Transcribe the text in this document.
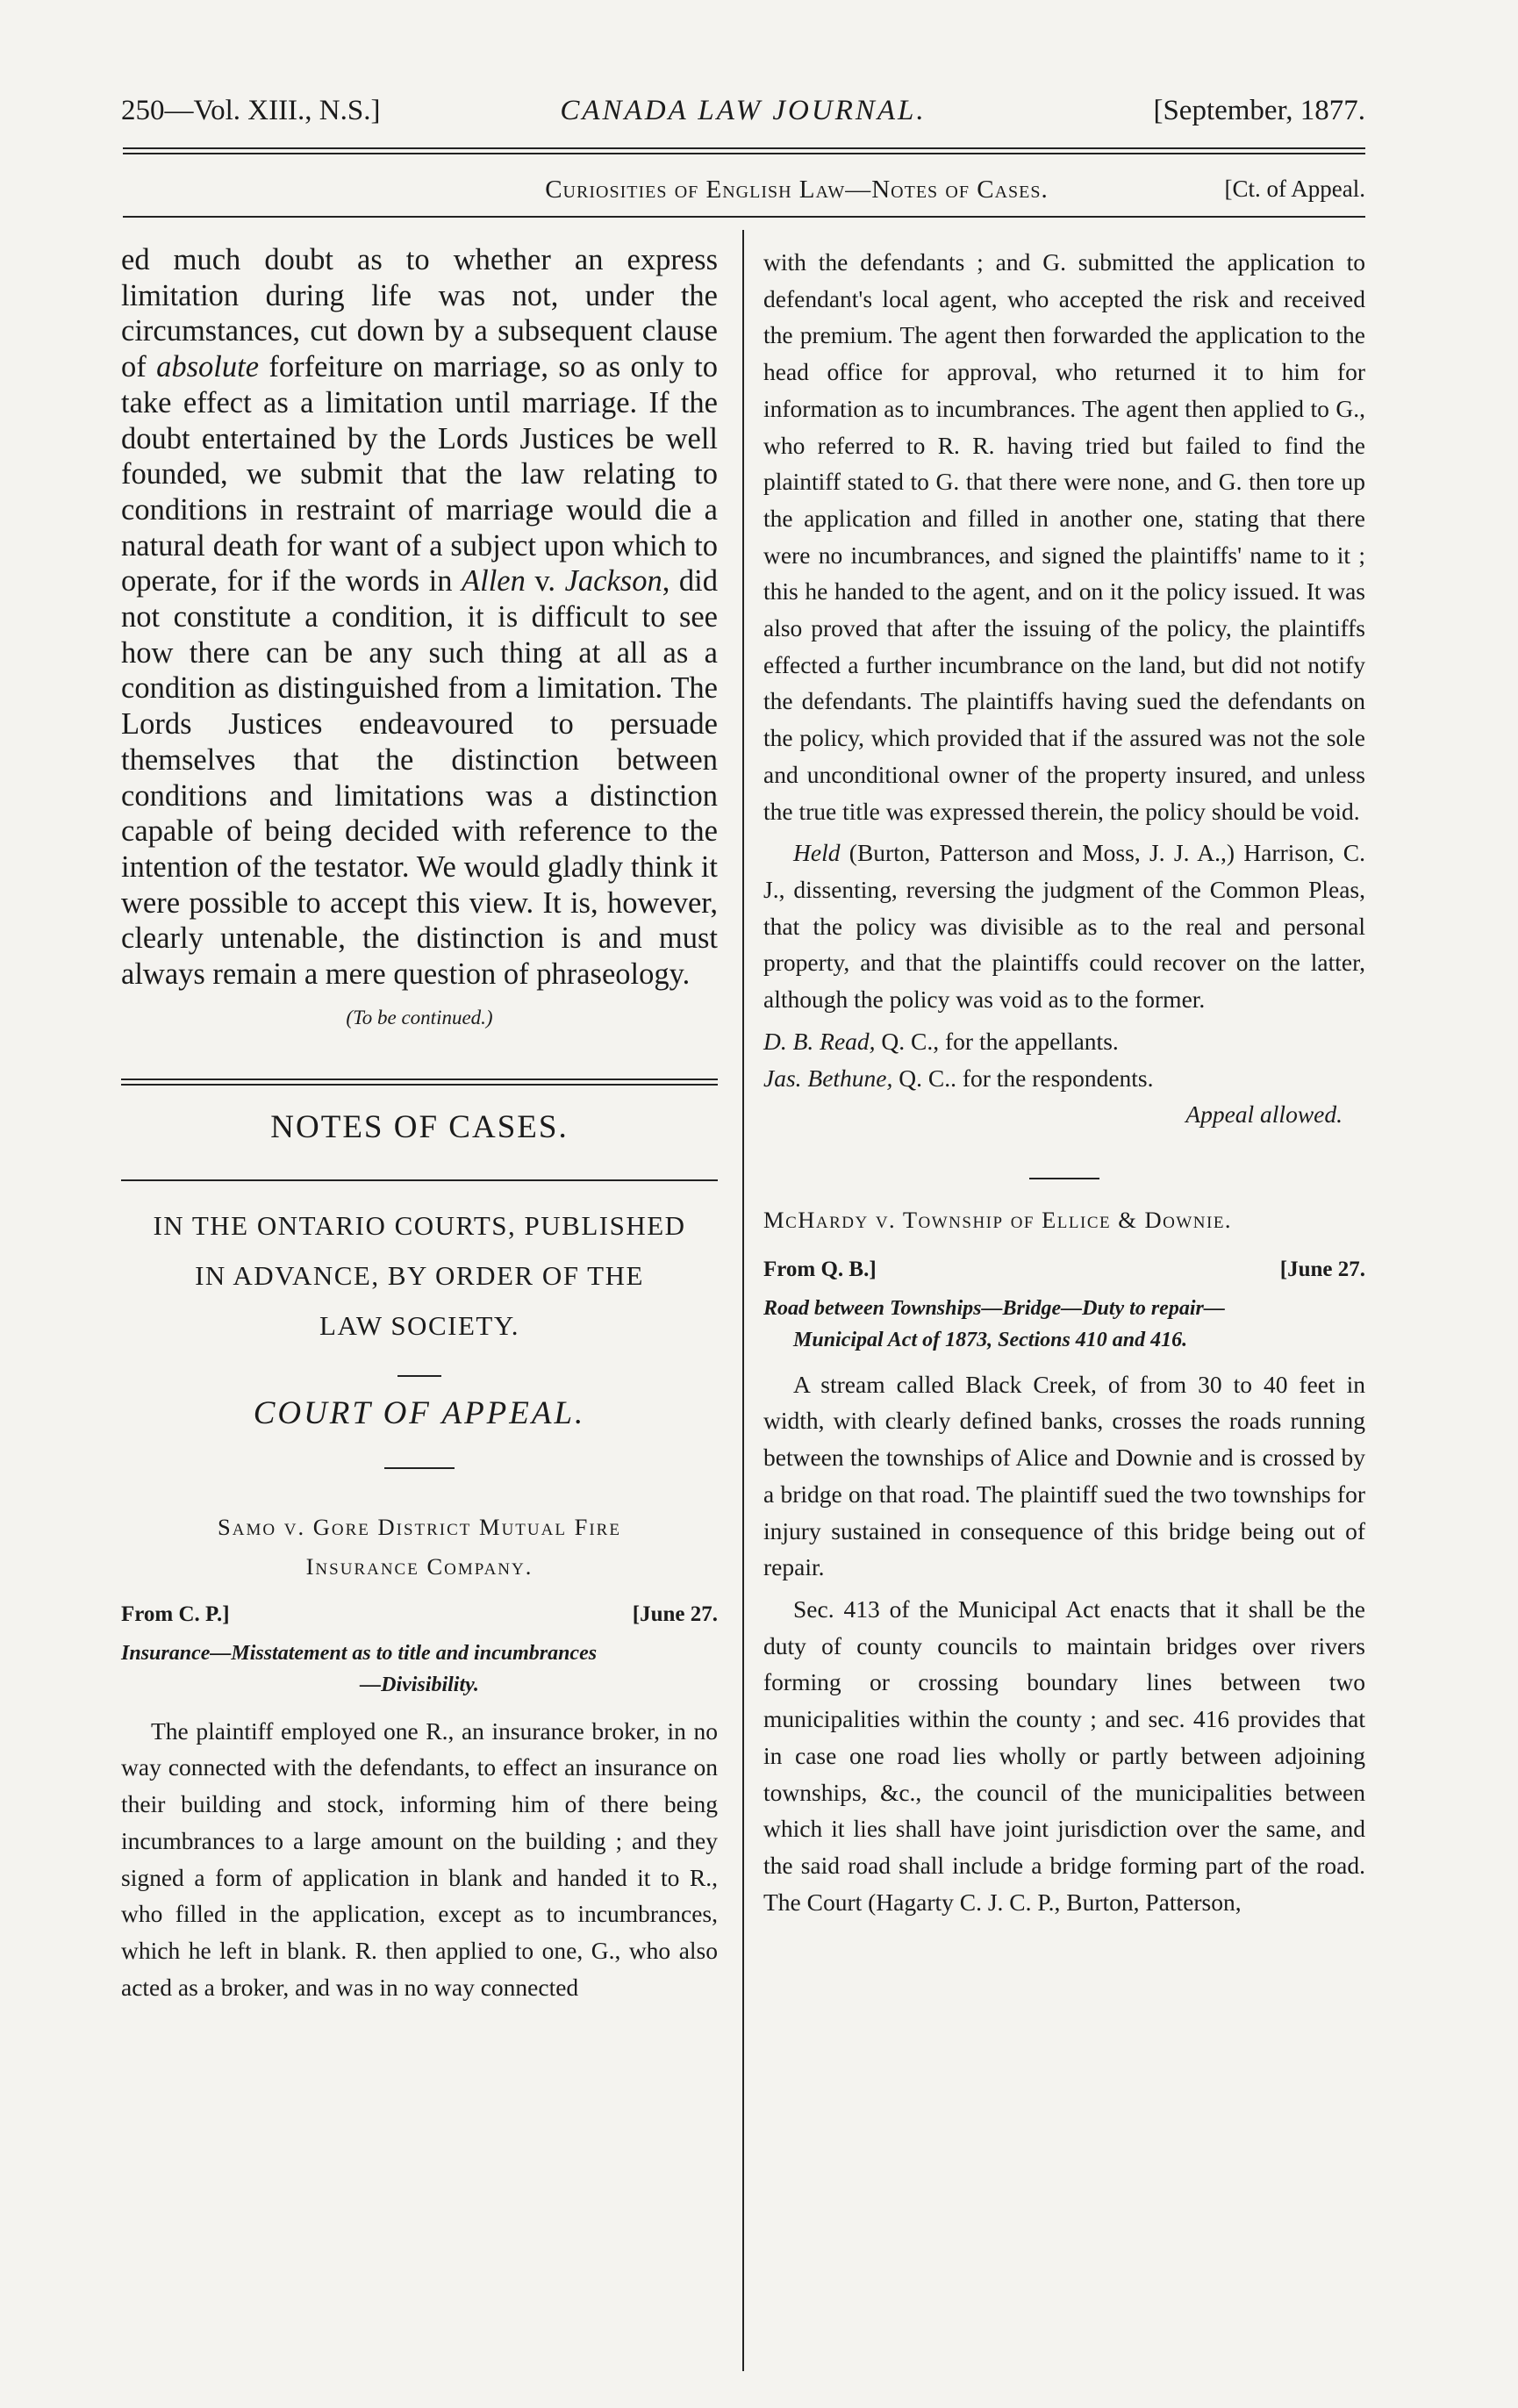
250—Vol. XIII., N.S.]	CANADA LAW JOURNAL.	[September, 1877.
Curiosities of English Law—Notes of Cases.	[Ct. of Appeal.

ed much doubt as to whether an express limitation during life was not, under the circumstances, cut down by a subsequent clause of absolute forfeiture on marriage, so as only to take effect as a limitation until marriage. If the doubt entertained by the Lords Justices be well founded, we submit that the law relating to conditions in restraint of marriage would die a natural death for want of a subject upon which to operate, for if the words in Allen v. Jackson, did not constitute a condition, it is difficult to see how there can be any such thing at all as a condition as distinguished from a limitation. The Lords Justices endeavoured to persuade themselves that the distinction between conditions and limitations was a distinction capable of being decided with reference to the intention of the testator. We would gladly think it were possible to accept this view. It is, however, clearly untenable, the distinction is and must always remain a mere question of phraseology.

(To be continued.)
NOTES OF CASES.
IN THE ONTARIO COURTS, PUBLISHED
IN ADVANCE, BY ORDER OF THE
LAW SOCIETY.
COURT OF APPEAL.
Samo v. Gore District Mutual Fire
Insurance Company.
From C. P.]	[June 27.
Insurance—Misstatement as to title and incumbrances
—Divisibility.

The plaintiff employed one R., an insurance broker, in no way connected with the defendants, to effect an insurance on their building and stock, informing him of there being incumbrances to a large amount on the building ; and they signed a form of application in blank and handed it to R., who filled in the application, except as to incumbrances, which he left in blank. R. then applied to one, G., who also acted as a broker, and was in no way connected

with the defendants ; and G. submitted the application to defendant's local agent, who accepted the risk and received the premium. The agent then forwarded the application to the head office for approval, who returned it to him for information as to incumbrances. The agent then applied to G., who referred to R. R. having tried but failed to find the plaintiff stated to G. that there were none, and G. then tore up the application and filled in another one, stating that there were no incumbrances, and signed the plaintiffs' name to it ; this he handed to the agent, and on it the policy issued. It was also proved that after the issuing of the policy, the plaintiffs effected a further incumbrance on the land, but did not notify the defendants. The plaintiffs having sued the defendants on the policy, which provided that if the assured was not the sole and unconditional owner of the property insured, and unless the true title was expressed therein, the policy should be void.

Held (Burton, Patterson and Moss, J. J. A.,) Harrison, C. J., dissenting, reversing the judgment of the Common Pleas, that the policy was divisible as to the real and personal property, and that the plaintiffs could recover on the latter, although the policy was void as to the former.

D. B. Read, Q. C., for the appellants.
Jas. Bethune, Q. C.. for the respondents.
Appeal allowed.
McHardy v. Township of Ellice & Downie.
From Q. B.]	[June 27.
Road between Townships—Bridge—Duty to repair—
Municipal Act of 1873, Sections 410 and 416.

A stream called Black Creek, of from 30 to 40 feet in width, with clearly defined banks, crosses the roads running between the townships of Alice and Downie and is crossed by a bridge on that road. The plaintiff sued the two townships for injury sustained in consequence of this bridge being out of repair.

Sec. 413 of the Municipal Act enacts that it shall be the duty of county councils to maintain bridges over rivers forming or crossing boundary lines between two municipalities within the county ; and sec. 416 provides that in case one road lies wholly or partly between adjoining townships, &c., the council of the municipalities between which it lies shall have joint jurisdiction over the same, and the said road shall include a bridge forming part of the road. The Court (Hagarty C. J. C. P., Burton, Patterson,
